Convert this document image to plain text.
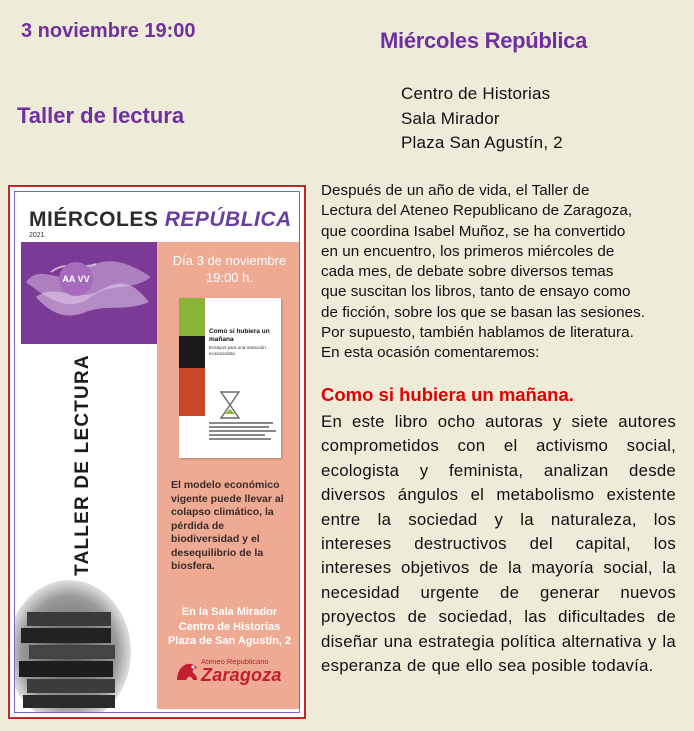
3 noviembre 19:00	Miércoles República
Taller de lectura
Centro de Historias
Sala Mirador
Plaza San Agustín, 2
MIÉRCOLES REPÚBLICA
2021
AA VV
TALLER DE LECTURA
Día 3 de noviembre
19:00 h.
Como si hubiera un mañana
Ensayos para una transición ecosocialista
El modelo económico vigente puede llevar al colapso climático, la pérdida de biodiversidad y el desequilibrio de la biosfera.
En la Sala Mirador
Centro de Historias
Plaza de San Agustín, 2
Ateneo Republicano
Zaragoza
Después de un año de vida, el Taller de
Lectura del Ateneo Republicano de Zaragoza,
que coordina Isabel Muñoz, se ha convertido
en un encuentro, los primeros miércoles de
cada mes, de debate sobre diversos temas
que suscitan los libros, tanto de ensayo como
de ficción, sobre los que se basan las sesiones.
Por supuesto, también hablamos de literatura.
En esta ocasión comentaremos:
Como si hubiera un mañana.
En este libro ocho autoras y siete autores comprometidos con el activismo social, ecologista y feminista, analizan desde diversos ángulos el metabolismo existente entre la sociedad y la naturaleza, los intereses destructivos del capital, los intereses objetivos de la mayoría social, la necesidad urgente de generar nuevos proyectos de sociedad, las dificultades de diseñar una estrategia política alternativa y la esperanza de que ello sea posible todavía.
